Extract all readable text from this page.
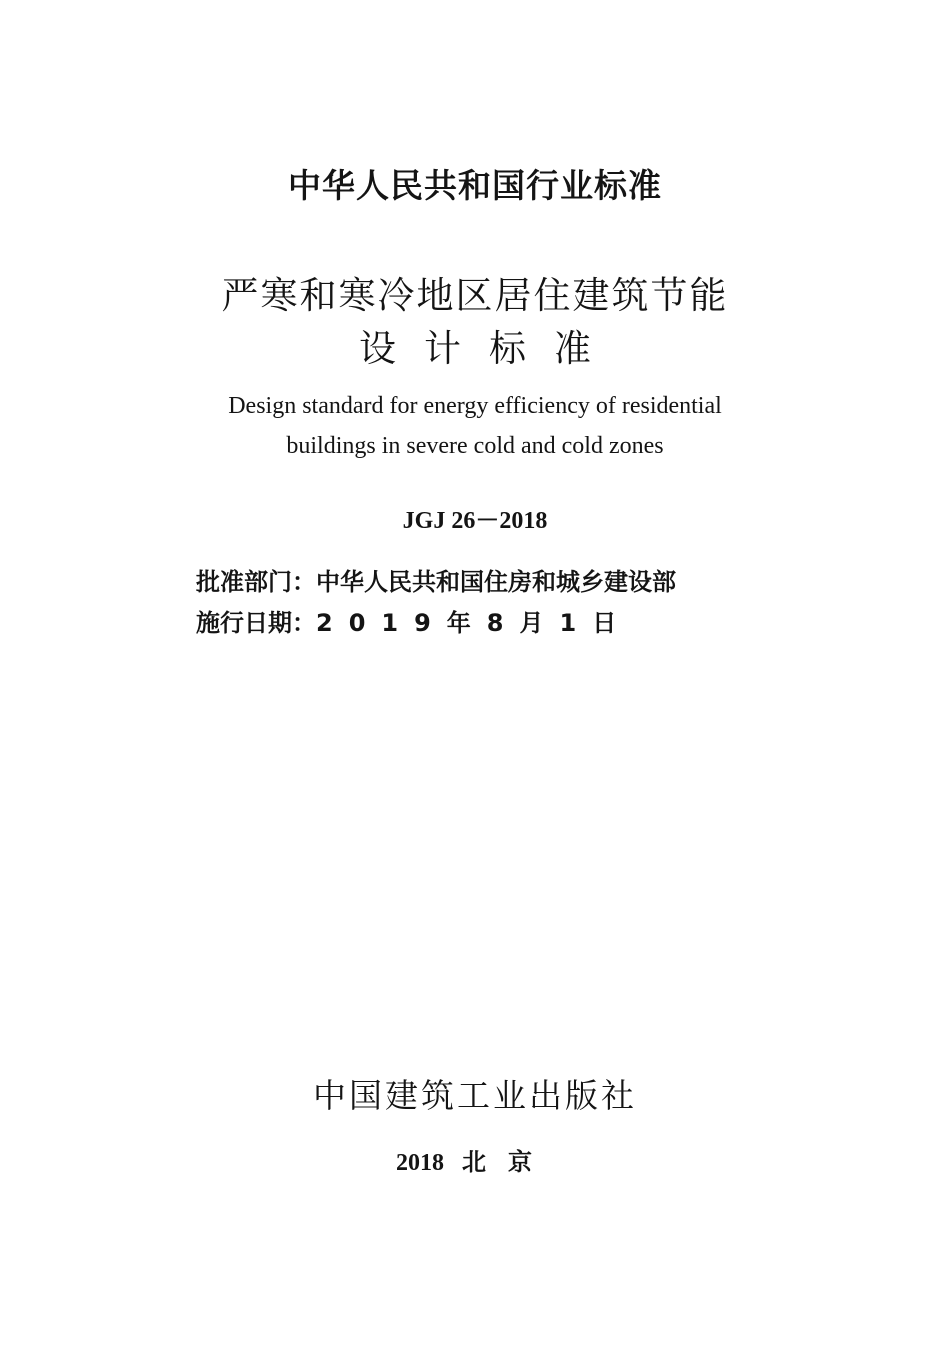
中华人民共和国行业标准
严寒和寒冷地区居住建筑节能
设计标准
Design standard for energy efficiency of residential
buildings in severe cold and cold zones
JGJ 26－2018
批准部门：中华人民共和国住房和城乡建设部
施行日期：2019年8月1日
中国建筑工业出版社
2018 北京
